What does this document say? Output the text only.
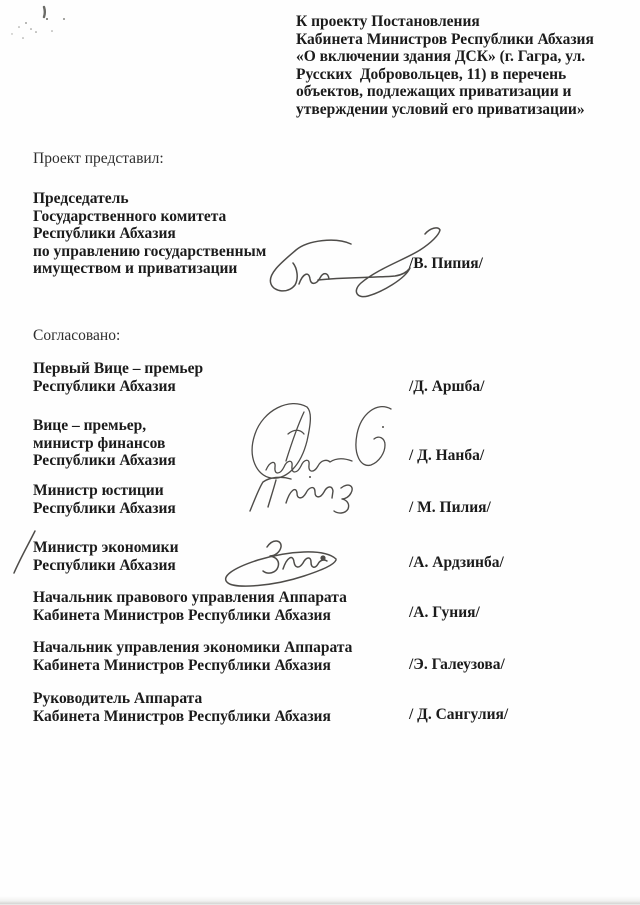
К проекту Постановления
Кабинета Министров Республики Абхазия
«О включении здания ДСК» (г. Гагра, ул.
Русских  Добровольцев, 11) в перечень
объектов, подлежащих приватизации и
утверждении условий его приватизации»
Проект представил:
Председатель
Государственного комитета
Республики Абхазия
по управлению государственным
имуществом и приватизации	/В. Пипия/
Согласовано:
Первый Вице – премьер
Республики Абхазия	/Д. Аршба/
Вице – премьер,
министр финансов
Республики Абхазия	/ Д. Нанба/
Министр юстиции
Республики Абхазия	/ М. Пилия/
Министр экономики
Республики Абхазия	/А. Ардзинба/
Начальник правового управления Аппарата
Кабинета Министров Республики Абхазия	/А. Гуния/
Начальник управления экономики Аппарата
Кабинета Министров Республики Абхазия	/Э. Галеузова/
Руководитель Аппарата
Кабинета Министров Республики Абхазия	/ Д. Сангулия/
